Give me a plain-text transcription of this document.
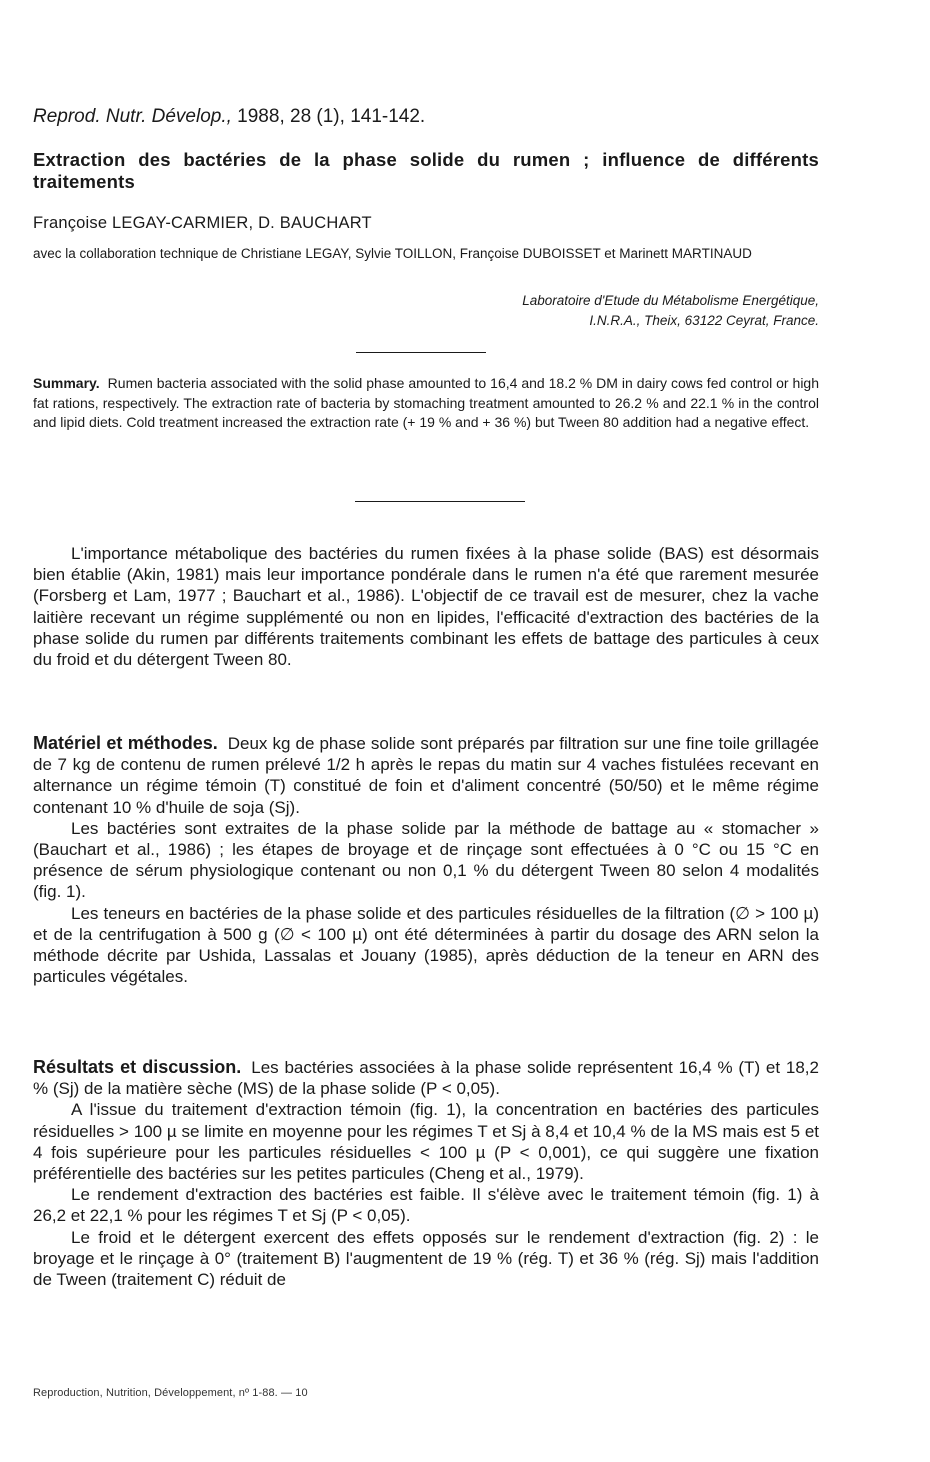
Reprod. Nutr. Dévelop., 1988, 28 (1), 141-142.
Extraction des bactéries de la phase solide du rumen ; influence de différents traitements
Françoise LEGAY-CARMIER, D. BAUCHART
avec la collaboration technique de Christiane LEGAY, Sylvie TOILLON, Françoise DUBOISSET et Marinett MARTINAUD
Laboratoire d'Etude du Métabolisme Energétique,
I.N.R.A., Theix, 63122 Ceyrat, France.
Summary. Rumen bacteria associated with the solid phase amounted to 16,4 and 18.2 % DM in dairy cows fed control or high fat rations, respectively. The extraction rate of bacteria by stomaching treatment amounted to 26.2 % and 22.1 % in the control and lipid diets. Cold treatment increased the extraction rate (+ 19 % and + 36 %) but Tween 80 addition had a negative effect.

L'importance métabolique des bactéries du rumen fixées à la phase solide (BAS) est désormais bien établie (Akin, 1981) mais leur importance pondérale dans le rumen n'a été que rarement mesurée (Forsberg et Lam, 1977 ; Bauchart et al., 1986). L'objectif de ce travail est de mesurer, chez la vache laitière recevant un régime supplémenté ou non en lipides, l'efficacité d'extraction des bactéries de la phase solide du rumen par différents traitements combinant les effets de battage des particules à ceux du froid et du détergent Tween 80.

Matériel et méthodes. Deux kg de phase solide sont préparés par filtration sur une fine toile grillagée de 7 kg de contenu de rumen prélevé 1/2 h après le repas du matin sur 4 vaches fistulées recevant en alternance un régime témoin (T) constitué de foin et d'aliment concentré (50/50) et le même régime contenant 10 % d'huile de soja (Sj).

Les bactéries sont extraites de la phase solide par la méthode de battage au « stomacher » (Bauchart et al., 1986) ; les étapes de broyage et de rinçage sont effectuées à 0 °C ou 15 °C en présence de sérum physiologique contenant ou non 0,1 % du détergent Tween 80 selon 4 modalités (fig. 1).

Les teneurs en bactéries de la phase solide et des particules résiduelles de la filtration (∅ > 100 µ) et de la centrifugation à 500 g (∅ < 100 µ) ont été déterminées à partir du dosage des ARN selon la méthode décrite par Ushida, Lassalas et Jouany (1985), après déduction de la teneur en ARN des particules végétales.

Résultats et discussion. Les bactéries associées à la phase solide représentent 16,4 % (T) et 18,2 % (Sj) de la matière sèche (MS) de la phase solide (P < 0,05).

A l'issue du traitement d'extraction témoin (fig. 1), la concentration en bactéries des particules résiduelles > 100 µ se limite en moyenne pour les régimes T et Sj à 8,4 et 10,4 % de la MS mais est 5 et 4 fois supérieure pour les particules résiduelles < 100 µ (P < 0,001), ce qui suggère une fixation préférentielle des bactéries sur les petites particules (Cheng et al., 1979).

Le rendement d'extraction des bactéries est faible. Il s'élève avec le traitement témoin (fig. 1) à 26,2 et 22,1 % pour les régimes T et Sj (P < 0,05).

Le froid et le détergent exercent des effets opposés sur le rendement d'extraction (fig. 2) : le broyage et le rinçage à 0° (traitement B) l'augmentent de 19 % (rég. T) et 36 % (rég. Sj) mais l'addition de Tween (traitement C) réduit de

Reproduction, Nutrition, Développement, nº 1-88. — 10
